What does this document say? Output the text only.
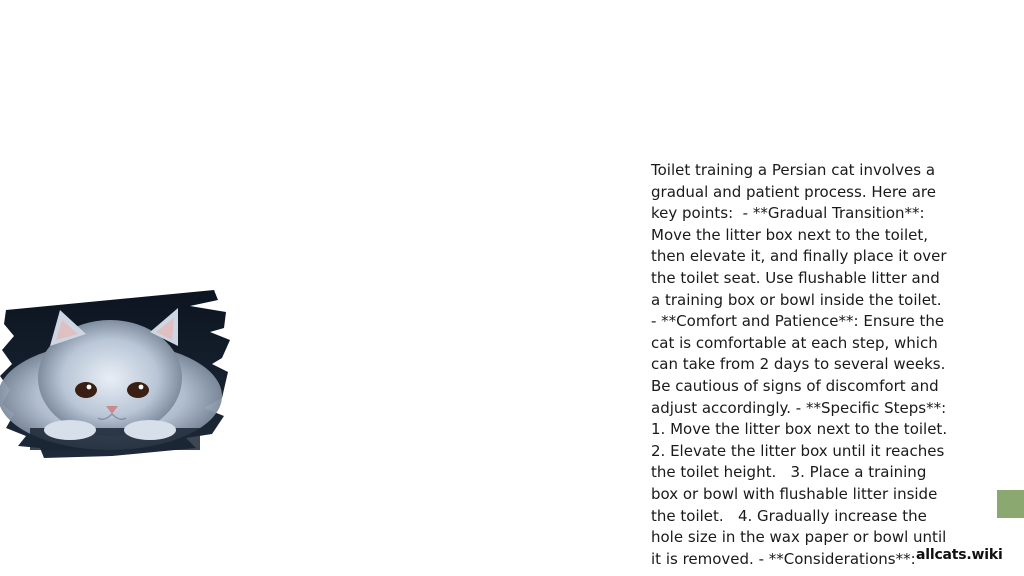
Toilet training a Persian cat involves a gradual and patient process. Here are key points:  - **Gradual Transition**: Move the litter box next to the toilet, then elevate it, and finally place it over the toilet seat. Use flushable litter and a training box or bowl inside the toilet. - **Comfort and Patience**: Ensure the cat is comfortable at each step, which can take from 2 days to several weeks. Be cautious of signs of discomfort and adjust accordingly. - **Specific Steps**:   1. Move the litter box next to the toilet.   2. Elevate the litter box until it reaches the toilet height.   3. Place a training box or bowl with flushable litter inside the toilet.   4. Gradually increase the hole size in the wax paper or bowl until it is removed. - **Considerations**: allcats.wiki
